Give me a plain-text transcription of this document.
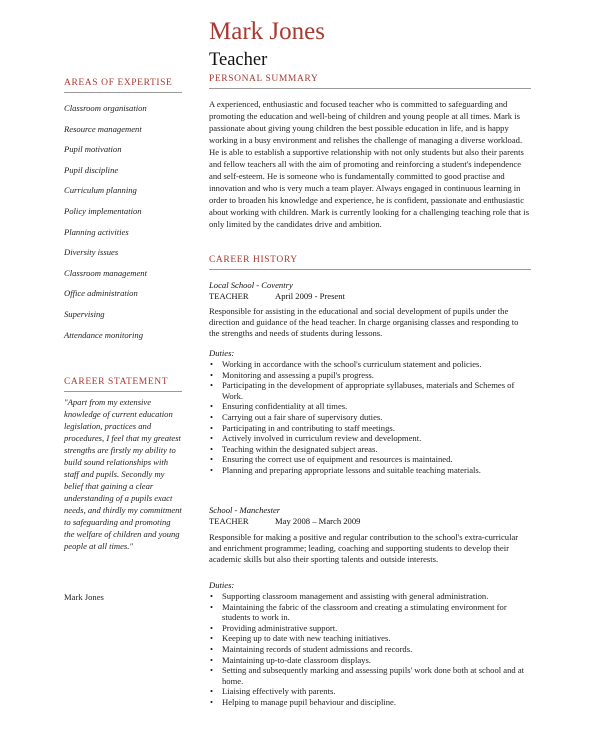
Mark Jones
Teacher
AREAS OF EXPERTISE
Classroom organisation
Resource management
Pupil motivation
Pupil discipline
Curriculum planning
Policy implementation
Planning activities
Diversity issues
Classroom management
Office administration
Supervising
Attendance monitoring
CAREER STATEMENT
"Apart from my extensive knowledge of current education legislation, practices and procedures, I feel that my greatest strengths are firstly my ability to build sound relationships with staff and pupils. Secondly my belief that gaining a clear understanding of a pupils exact needs, and thirdly my commitment to safeguarding and promoting the welfare of children and young people at all times."
Mark Jones
PERSONAL SUMMARY
A experienced, enthusiastic and focused teacher who is committed to safeguarding and promoting the education and well-being of children and young people at all times. Mark is passionate about giving young children the best possible education in life, and is happy working in a busy environment and relishes the challenge of managing a diverse workload. He is able to establish a supportive relationship with not only students but also their parents and fellow teachers all with the aim of promoting and reinforcing a student's independence and self-esteem. He is someone who is fundamentally committed to good practise and innovation and who is very much a team player. Always engaged in continuous learning in order to broaden his knowledge and experience, he is confident, passionate and enthusiastic about working with children. Mark is currently looking for a challenging teaching role that is only limited by the candidates drive and ambition.
CAREER HISTORY
Local School - Coventry
TEACHER	April 2009 - Present
Responsible for assisting in the educational and social development of pupils under the direction and guidance of the head teacher. In charge organising classes and responding to the strengths and needs of students during lessons.
Duties:
• Working in accordance with the school's curriculum statement and policies.
• Monitoring and assessing a pupil's progress.
• Participating in the development of appropriate syllabuses, materials and Schemes of Work.
• Ensuring confidentiality at all times.
• Carrying out a fair share of supervisory duties.
• Participating in and contributing to staff meetings.
• Actively involved in curriculum review and development.
• Teaching within the designated subject areas.
• Ensuring the correct use of equipment and resources is maintained.
• Planning and preparing appropriate lessons and suitable teaching materials.
School - Manchester
TEACHER	May 2008 – March 2009
Responsible for making a positive and regular contribution to the school's extra-curricular and enrichment programme; leading, coaching and supporting students to develop their academic skills but also their sporting talents and outside interests.
Duties:
• Supporting classroom management and assisting with general administration.
• Maintaining the fabric of the classroom and creating a stimulating environment for students to work in.
• Providing administrative support.
• Keeping up to date with new teaching initiatives.
• Maintaining records of student admissions and records.
• Maintaining up-to-date classroom displays.
• Setting and subsequently marking and assessing pupils' work done both at school and at home.
• Liaising effectively with parents.
• Helping to manage pupil behaviour and discipline.
